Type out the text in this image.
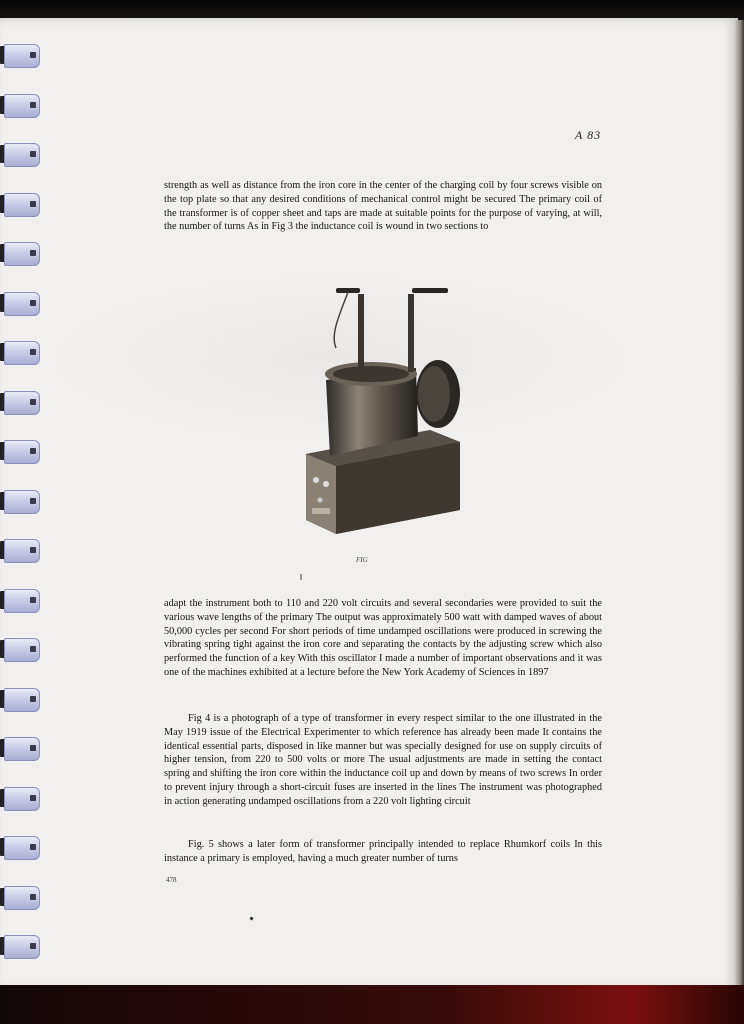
A 83

strength as well as distance from the iron core in the center of the charging coil by four screws visible on the top plate so that any desired conditions of mechanical control might be secured The primary coil of the transformer is of copper sheet and taps are made at suitable points for the purpose of varying, at will, the number of turns As in Fig 3 the inductance coil is wound in two sections to

FIG

adapt the instrument both to 110 and 220 volt circuits and several secondaries were provided to suit the various wave lengths of the primary The output was approximately 500 watt with damped waves of about 50,000 cycles per second For short periods of time undamped oscillations were produced in screwing the vibrating spring tight against the iron core and separating the contacts by the adjusting screw which also performed the function of a key With this oscillator I made a number of important observations and it was one of the machines exhibited at a lecture before the New York Academy of Sciences in 1897

Fig 4 is a photograph of a type of transformer in every respect similar to the one illustrated in the May 1919 issue of the Electrical Experimenter to which reference has already been made It contains the identical essential parts, disposed in like manner but was specially designed for use on supply circuits of higher tension, from 220 to 500 volts or more The usual adjustments are made in setting the contact spring and shifting the iron core within the inductance coil up and down by means of two screws In order to prevent injury through a short-circuit fuses are inserted in the lines The instrument was photographed in action generating undamped oscillations from a 220 volt lighting circuit

Fig. 5 shows a later form of transformer principally intended to replace Rhumkorf coils In this instance a primary is employed, having a much greater number of turns

478
